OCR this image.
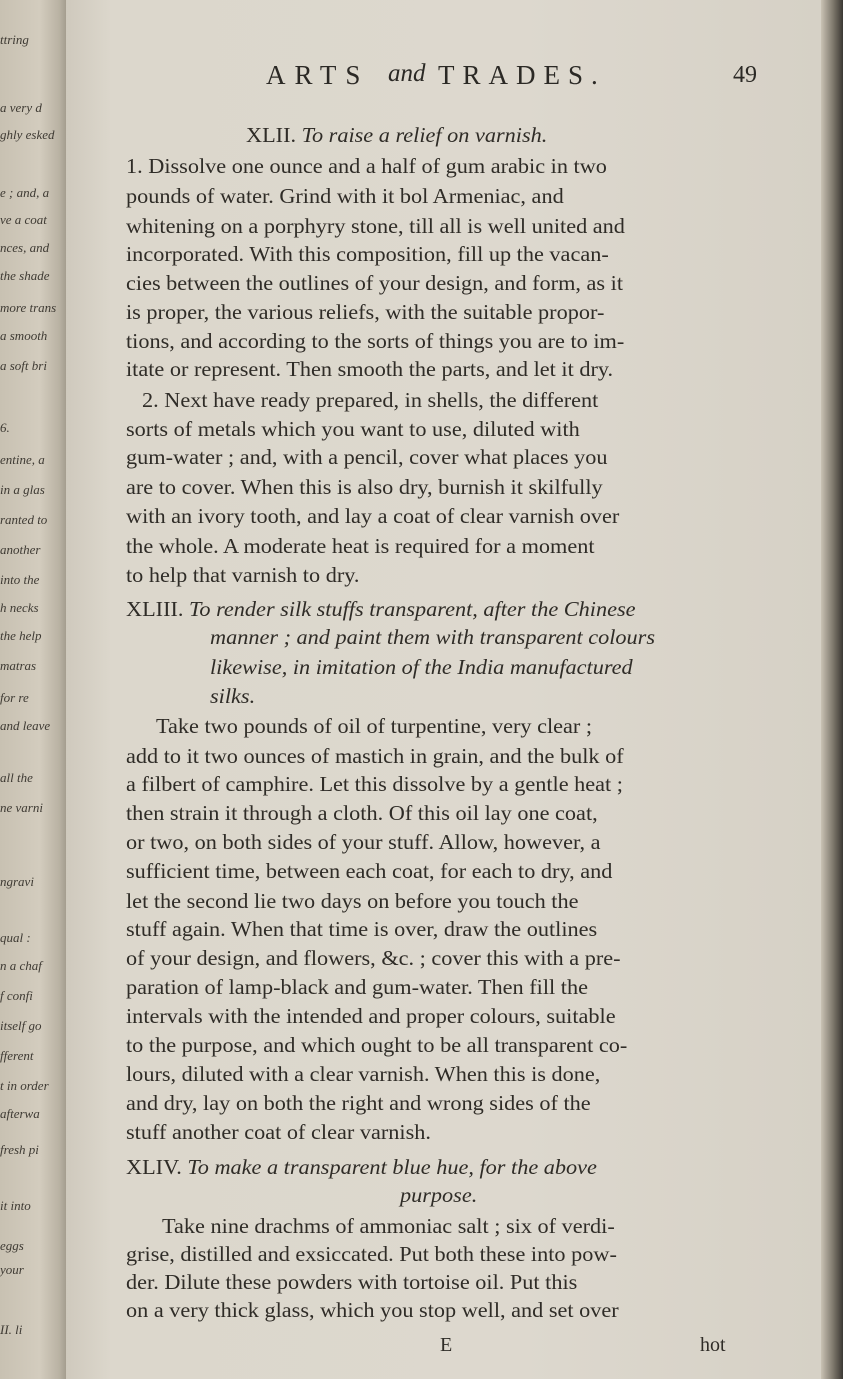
ttring
a very d
ghly esked
e ; and, a
ve a coat
nces, and
the shade
more trans
a smooth
a soft bri
6.
entine, a
in a glas
ranted to
another
into the
h necks
the help
matras
for re
and leave
all the
ne varni
ngravi
qual :
n a chaf
f confi
itself go
fferent
t in order
afterwa
fresh pi
it into
eggs
your
II. li
ARTS and TRADES.	49
XLII. To raise a relief on varnish.
1. Dissolve one ounce and a half of gum arabic in two
pounds of water. Grind with it bol Armeniac, and
whitening on a porphyry stone, till all is well united and
incorporated. With this composition, fill up the vacan-
cies between the outlines of your design, and form, as it
is proper, the various reliefs, with the suitable propor-
tions, and according to the sorts of things you are to im-
itate or represent. Then smooth the parts, and let it dry.
2. Next have ready prepared, in shells, the different
sorts of metals which you want to use, diluted with
gum-water ; and, with a pencil, cover what places you
are to cover. When this is also dry, burnish it skilfully
with an ivory tooth, and lay a coat of clear varnish over
the whole. A moderate heat is required for a moment
to help that varnish to dry.
XLIII. To render silk stuffs transparent, after the Chinese
manner ; and paint them with transparent colours
likewise, in imitation of the India manufactured
silks.
Take two pounds of oil of turpentine, very clear ;
add to it two ounces of mastich in grain, and the bulk of
a filbert of camphire. Let this dissolve by a gentle heat ;
then strain it through a cloth. Of this oil lay one coat,
or two, on both sides of your stuff. Allow, however, a
sufficient time, between each coat, for each to dry, and
let the second lie two days on before you touch the
stuff again. When that time is over, draw the outlines
of your design, and flowers, &c. ; cover this with a pre-
paration of lamp-black and gum-water. Then fill the
intervals with the intended and proper colours, suitable
to the purpose, and which ought to be all transparent co-
lours, diluted with a clear varnish. When this is done,
and dry, lay on both the right and wrong sides of the
stuff another coat of clear varnish.
XLIV. To make a transparent blue hue, for the above
purpose.
Take nine drachms of ammoniac salt ; six of verdi-
grise, distilled and exsiccated. Put both these into pow-
der. Dilute these powders with tortoise oil. Put this
on a very thick glass, which you stop well, and set over
E	hot
